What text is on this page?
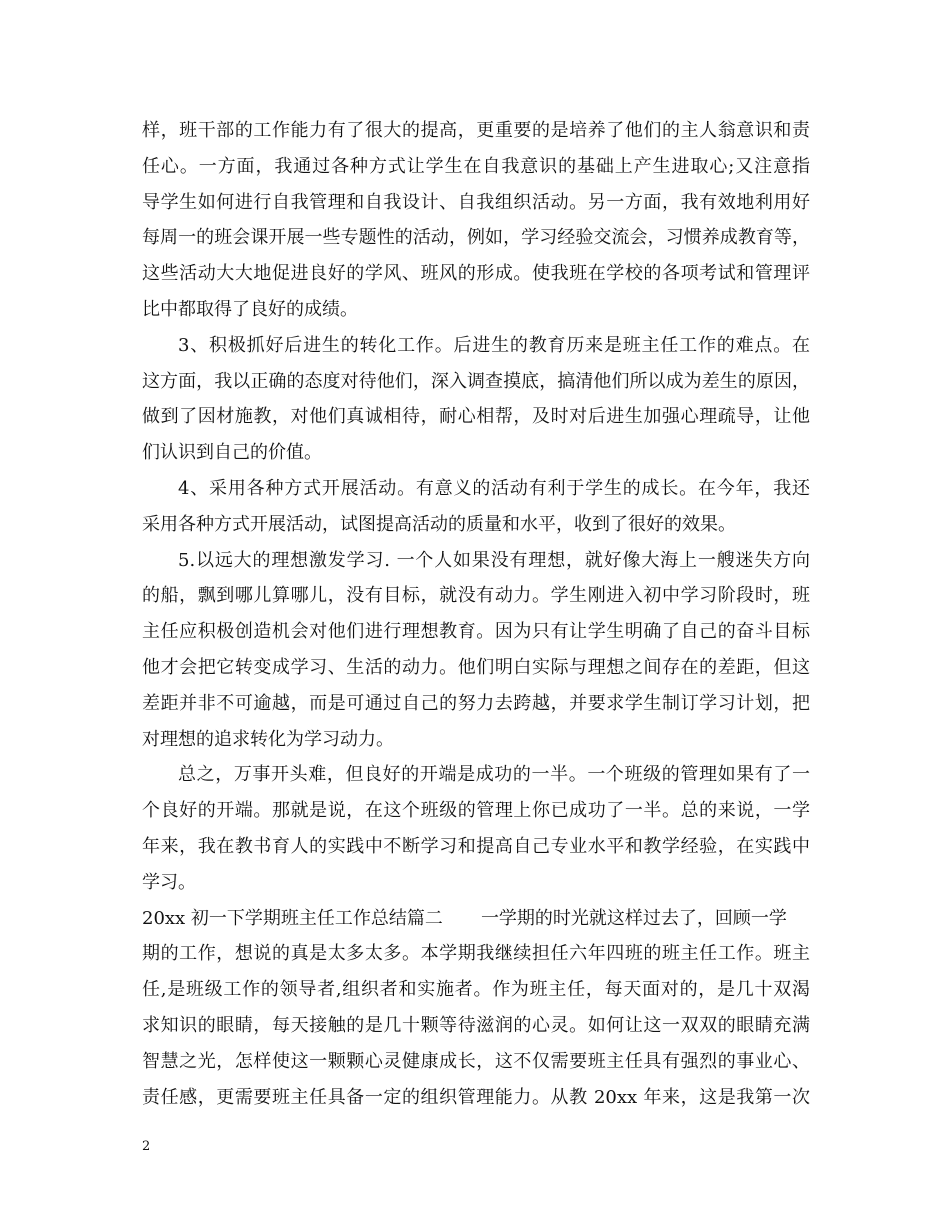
样，班干部的工作能力有了很大的提高，更重要的是培养了他们的主人翁意识和责
任心。一方面，我通过各种方式让学生在自我意识的基础上产生进取心;又注意指
导学生如何进行自我管理和自我设计、自我组织活动。另一方面，我有效地利用好
每周一的班会课开展一些专题性的活动，例如，学习经验交流会，习惯养成教育等，
这些活动大大地促进良好的学风、班风的形成。使我班在学校的各项考试和管理评
比中都取得了良好的成绩。
3、积极抓好后进生的转化工作。后进生的教育历来是班主任工作的难点。在
这方面，我以正确的态度对待他们，深入调查摸底，搞清他们所以成为差生的原因，
做到了因材施教，对他们真诚相待，耐心相帮，及时对后进生加强心理疏导，让他
们认识到自己的价值。
4、采用各种方式开展活动。有意义的活动有利于学生的成长。在今年，我还
采用各种方式开展活动，试图提高活动的质量和水平，收到了很好的效果。
5.以远大的理想激发学习. 一个人如果没有理想，就好像大海上一艘迷失方向
的船，飘到哪儿算哪儿，没有目标，就没有动力。学生刚进入初中学习阶段时，班
主任应积极创造机会对他们进行理想教育。因为只有让学生明确了自己的奋斗目标
他才会把它转变成学习、生活的动力。他们明白实际与理想之间存在的差距，但这
差距并非不可逾越，而是可通过自己的努力去跨越，并要求学生制订学习计划，把
对理想的追求转化为学习动力。
总之，万事开头难，但良好的开端是成功的一半。一个班级的管理如果有了一
个良好的开端。那就是说，在这个班级的管理上你已成功了一半。总的来说，一学
年来，我在教书育人的实践中不断学习和提高自己专业水平和教学经验，在实践中
学习。
20xx 初一下学期班主任工作总结篇二 一学期的时光就这样过去了，回顾一学
期的工作，想说的真是太多太多。本学期我继续担任六年四班的班主任工作。班主
任,是班级工作的领导者,组织者和实施者。作为班主任，每天面对的，是几十双渴
求知识的眼睛，每天接触的是几十颗等待滋润的心灵。如何让这一双双的眼睛充满
智慧之光，怎样使这一颗颗心灵健康成长，这不仅需要班主任具有强烈的事业心、
责任感，更需要班主任具备一定的组织管理能力。从教 20xx 年来，这是我第一次
2
